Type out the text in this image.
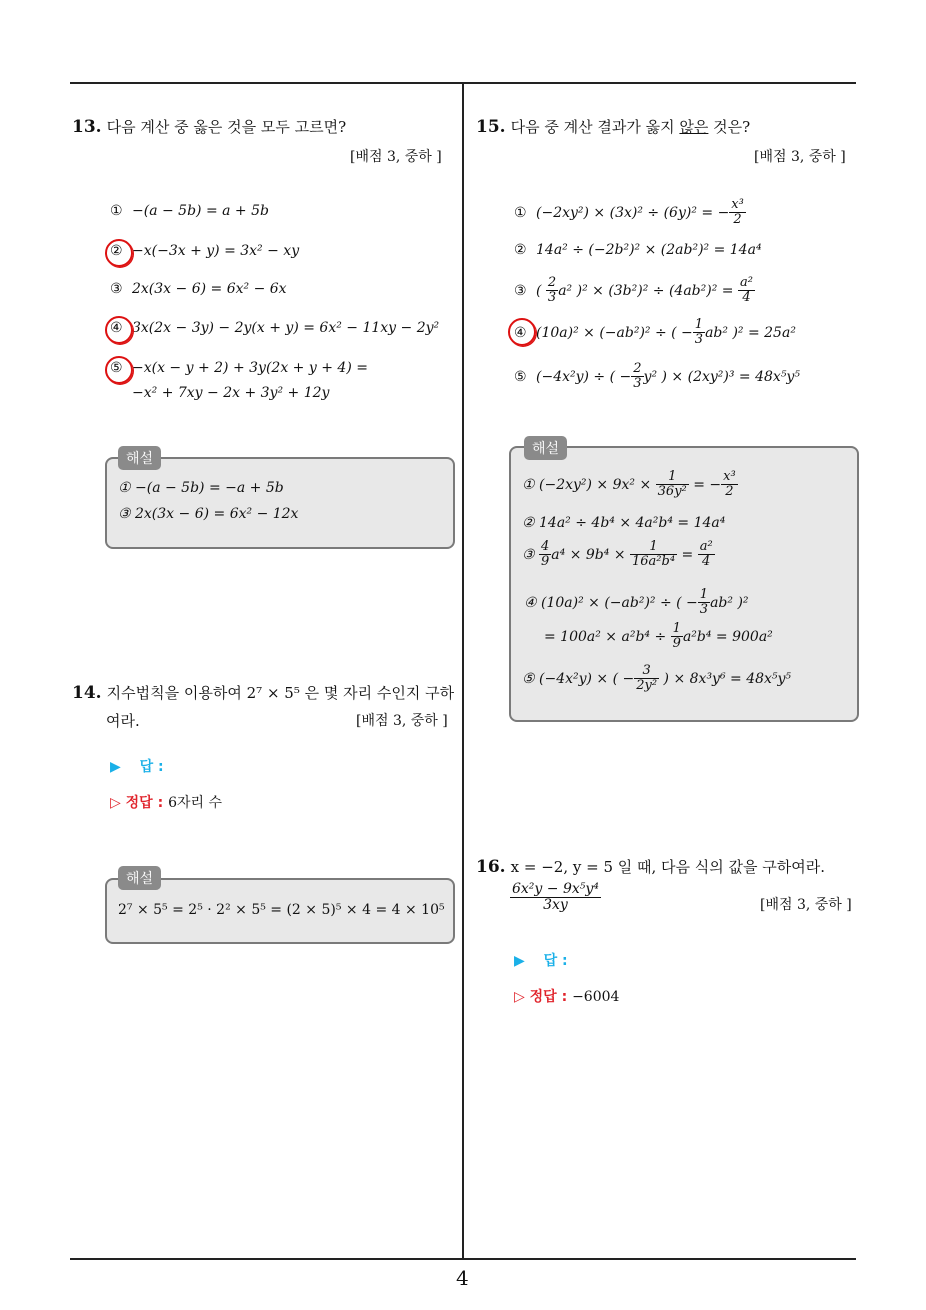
4
13. 다음 계산 중 옳은 것을 모두 고르면?
[배점 3, 중하 ]
① −(a − 5b) = a + 5b
② −x(−3x + y) = 3x² − xy
③ 2x(3x − 6) = 6x² − 6x
④ 3x(2x − 3y) − 2y(x + y) = 6x² − 11xy − 2y²
⑤ −x(x − y + 2) + 3y(2x + y + 4) =
−x² + 7xy − 2x + 3y² + 12y
해설
① −(a − 5b) = −a + 5b
③ 2x(3x − 6) = 6x² − 12x
14. 지수법칙을 이용하여 2⁷ × 5⁵ 은 몇 자리 수인지 구하
여라.	[배점 3, 중하 ]
▶ 답 :
▷ 정답 : 6자리 수
해설
2⁷ × 5⁵ = 2⁵ · 2² × 5⁵ = (2 × 5)⁵ × 4 = 4 × 10⁵
15. 다음 중 계산 결과가 옳지 않은 것은?
[배점 3, 중하 ]
① (−2xy²) × (3x)² ÷ (6y)² = − $\frac{\text{x³}}{2}$
② 14a² ÷ (−2b²)² × (2ab²)² = 14a⁴
③ ( $\frac{2}{3} a^2$ )$^2 \times (3b^2)^2 \div (4ab^2)^2 = \frac{\text{a²}}{4}$
④ (10a)² × (−ab²)² ÷ ( − $\frac{1}{3} ab^2$ )² = 25a²
⑤ (−4x²y) ÷ ( − $\frac{2}{3} y^2$ ) × (2xy²)³ = 48x⁵y⁵
해설
① $(-2xy^2) \times 9x^2 \times \frac{1}{\text{36y²}}$ = − $\frac{\text{x³}}{2}$
② 14a² ÷ 4b⁴ × 4a²b⁴ = 14a⁴
③ $\frac{4}{9} a^4 \times 9b^4 \times \frac{1}{\text{16a²b⁴}} = \frac{\text{a²}}{4}$
④ (10a)² × (−ab²)² ÷ ( − $\frac{1}{3} ab^2$ )²
= $100a^2 \times a^2b^4 \div \frac{1}{9} a^2b^4 = 900a^2$
⑤ (−4x²y) × ( − $\frac{3}{\text{2y²}}$ ) × 8x³y⁶ = 48x⁵y⁵
16. x = −2, y = 5 일 때, 다음 식의 값을 구하여라.
$\frac{\text{6x²y − 9x⁵y⁴}}{3xy}$	[배점 3, 중하 ]
▶ 답 :
▷ 정답 : −6004
